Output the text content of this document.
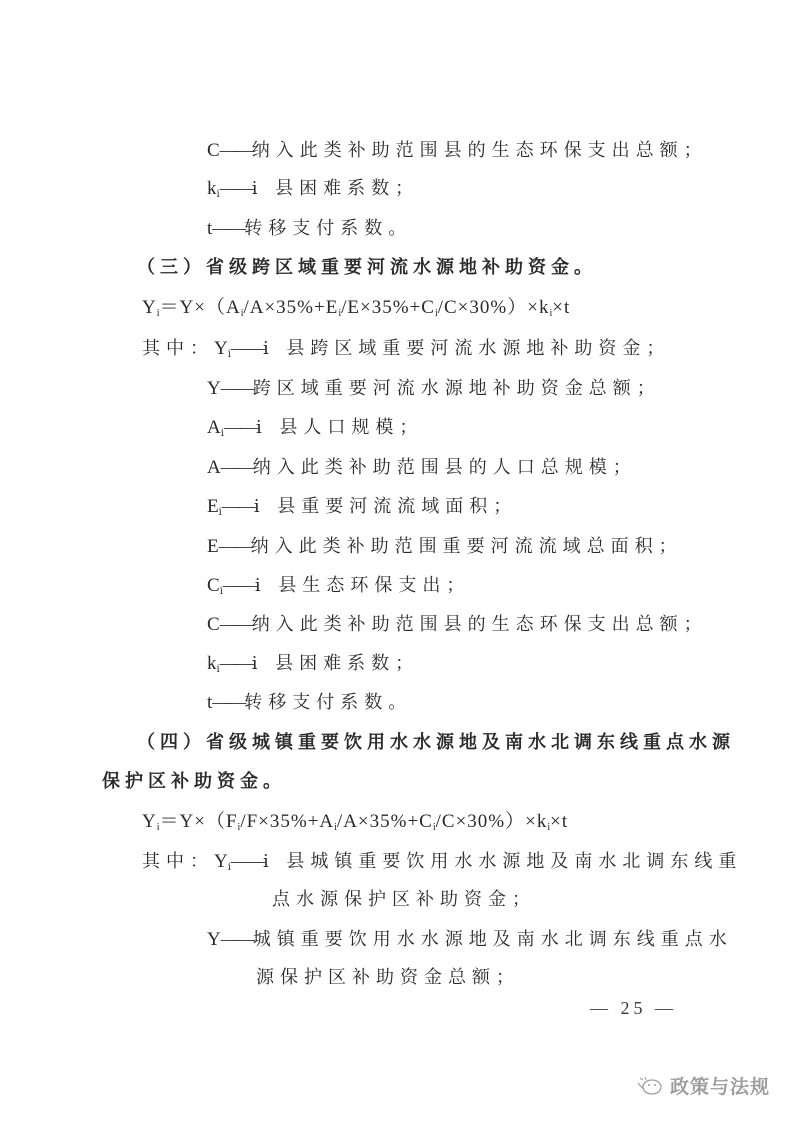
C——纳入此类补助范围县的生态环保支出总额；
$k_i——i$ 县困难系数；
t——转移支付系数。
（三）省级跨区域重要河流水源地补助资金。
$Y_i=Y\times(A_i/A\times 35\%+E_i/E\times 35\%+C_i/C\times 30\%)\times k_i\times t$
其中：$Y_i——i$ 县跨区域重要河流水源地补助资金；
Y——跨区域重要河流水源地补助资金总额；
$A_i——i$ 县人口规模；
A——纳入此类补助范围县的人口总规模；
$E_i——i$ 县重要河流流域面积；
E——纳入此类补助范围重要河流流域总面积；
$C_i——i$ 县生态环保支出；
C——纳入此类补助范围县的生态环保支出总额；
$k_i——i$ 县困难系数；
t——转移支付系数。
（四）省级城镇重要饮用水水源地及南水北调东线重点水源
保护区补助资金。
$Y_i=Y\times(F_i/F\times 35\%+A_i/A\times 35\%+C_i/C\times 30\%)\times k_i\times t$
其中：$Y_i——i$ 县城镇重要饮用水水源地及南水北调东线重
点水源保护区补助资金；
Y——城镇重要饮用水水源地及南水北调东线重点水
源保护区补助资金总额；
— 25 —
政策与法规
